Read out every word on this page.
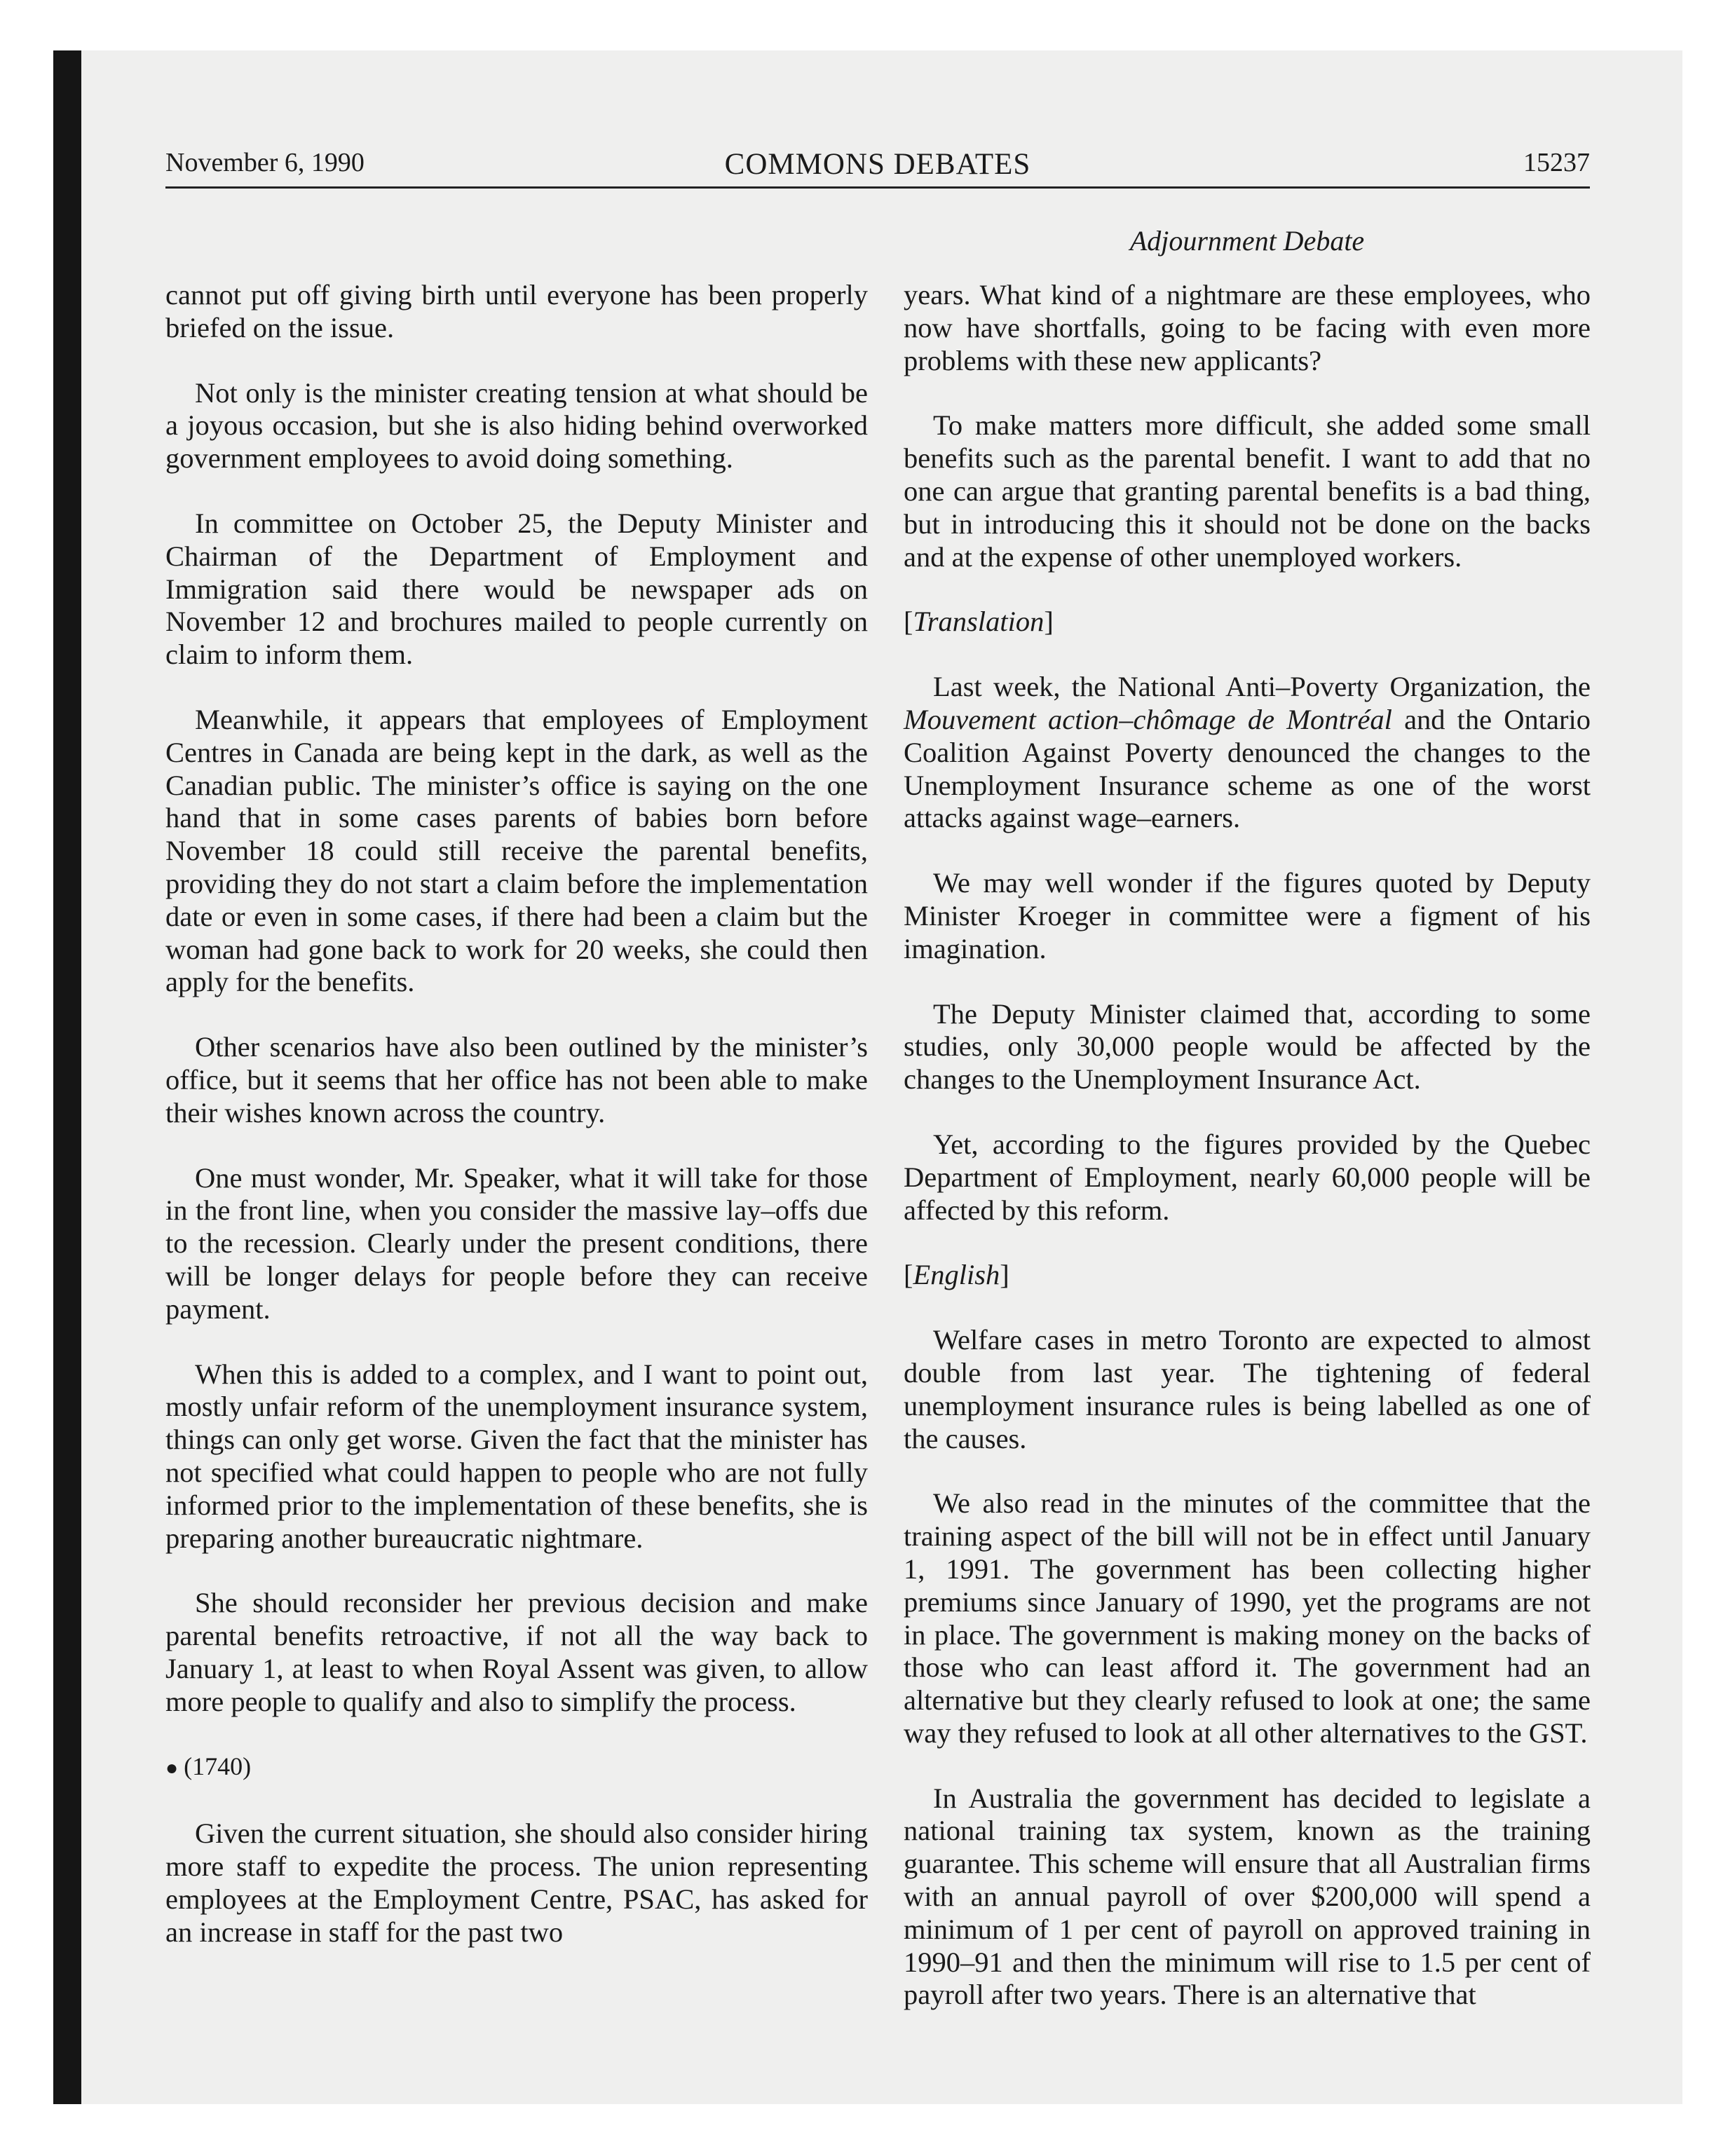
November 6, 1990	COMMONS DEBATES	15237
Adjournment Debate

cannot put off giving birth until everyone has been properly briefed on the issue.

Not only is the minister creating tension at what should be a joyous occasion, but she is also hiding behind overworked government employees to avoid doing something.

In committee on October 25, the Deputy Minister and Chairman of the Department of Employment and Immigration said there would be newspaper ads on November 12 and brochures mailed to people currently on claim to inform them.

Meanwhile, it appears that employees of Employment Centres in Canada are being kept in the dark, as well as the Canadian public. The minister’s office is saying on the one hand that in some cases parents of babies born before November 18 could still receive the parental benefits, providing they do not start a claim before the implementation date or even in some cases, if there had been a claim but the woman had gone back to work for 20 weeks, she could then apply for the benefits.

Other scenarios have also been outlined by the minister’s office, but it seems that her office has not been able to make their wishes known across the country.

One must wonder, Mr. Speaker, what it will take for those in the front line, when you consider the massive lay–offs due to the recession. Clearly under the present conditions, there will be longer delays for people before they can receive payment.

When this is added to a complex, and I want to point out, mostly unfair reform of the unemployment insurance system, things can only get worse. Given the fact that the minister has not specified what could happen to people who are not fully informed prior to the implementation of these benefits, she is preparing another bureaucratic nightmare.

She should reconsider her previous decision and make parental benefits retroactive, if not all the way back to January 1, at least to when Royal Assent was given, to allow more people to qualify and also to simplify the process.

● (1740)

Given the current situation, she should also consider hiring more staff to expedite the process. The union representing employees at the Employment Centre, PSAC, has asked for an increase in staff for the past two

years. What kind of a nightmare are these employees, who now have shortfalls, going to be facing with even more problems with these new applicants?

To make matters more difficult, she added some small benefits such as the parental benefit. I want to add that no one can argue that granting parental benefits is a bad thing, but in introducing this it should not be done on the backs and at the expense of other unemployed workers.

[Translation]

Last week, the National Anti–Poverty Organization, the Mouvement action–chômage de Montréal and the Ontario Coalition Against Poverty denounced the changes to the Unemployment Insurance scheme as one of the worst attacks against wage–earners.

We may well wonder if the figures quoted by Deputy Minister Kroeger in committee were a figment of his imagination.

The Deputy Minister claimed that, according to some studies, only 30,000 people would be affected by the changes to the Unemployment Insurance Act.

Yet, according to the figures provided by the Quebec Department of Employment, nearly 60,000 people will be affected by this reform.

[English]

Welfare cases in metro Toronto are expected to almost double from last year. The tightening of federal unemployment insurance rules is being labelled as one of the causes.

We also read in the minutes of the committee that the training aspect of the bill will not be in effect until January 1, 1991. The government has been collecting higher premiums since January of 1990, yet the programs are not in place. The government is making money on the backs of those who can least afford it. The government had an alternative but they clearly refused to look at one; the same way they refused to look at all other alternatives to the GST.

In Australia the government has decided to legislate a national training tax system, known as the training guarantee. This scheme will ensure that all Australian firms with an annual payroll of over $200,000 will spend a minimum of 1 per cent of payroll on approved training in 1990–91 and then the minimum will rise to 1.5 per cent of payroll after two years. There is an alternative that
